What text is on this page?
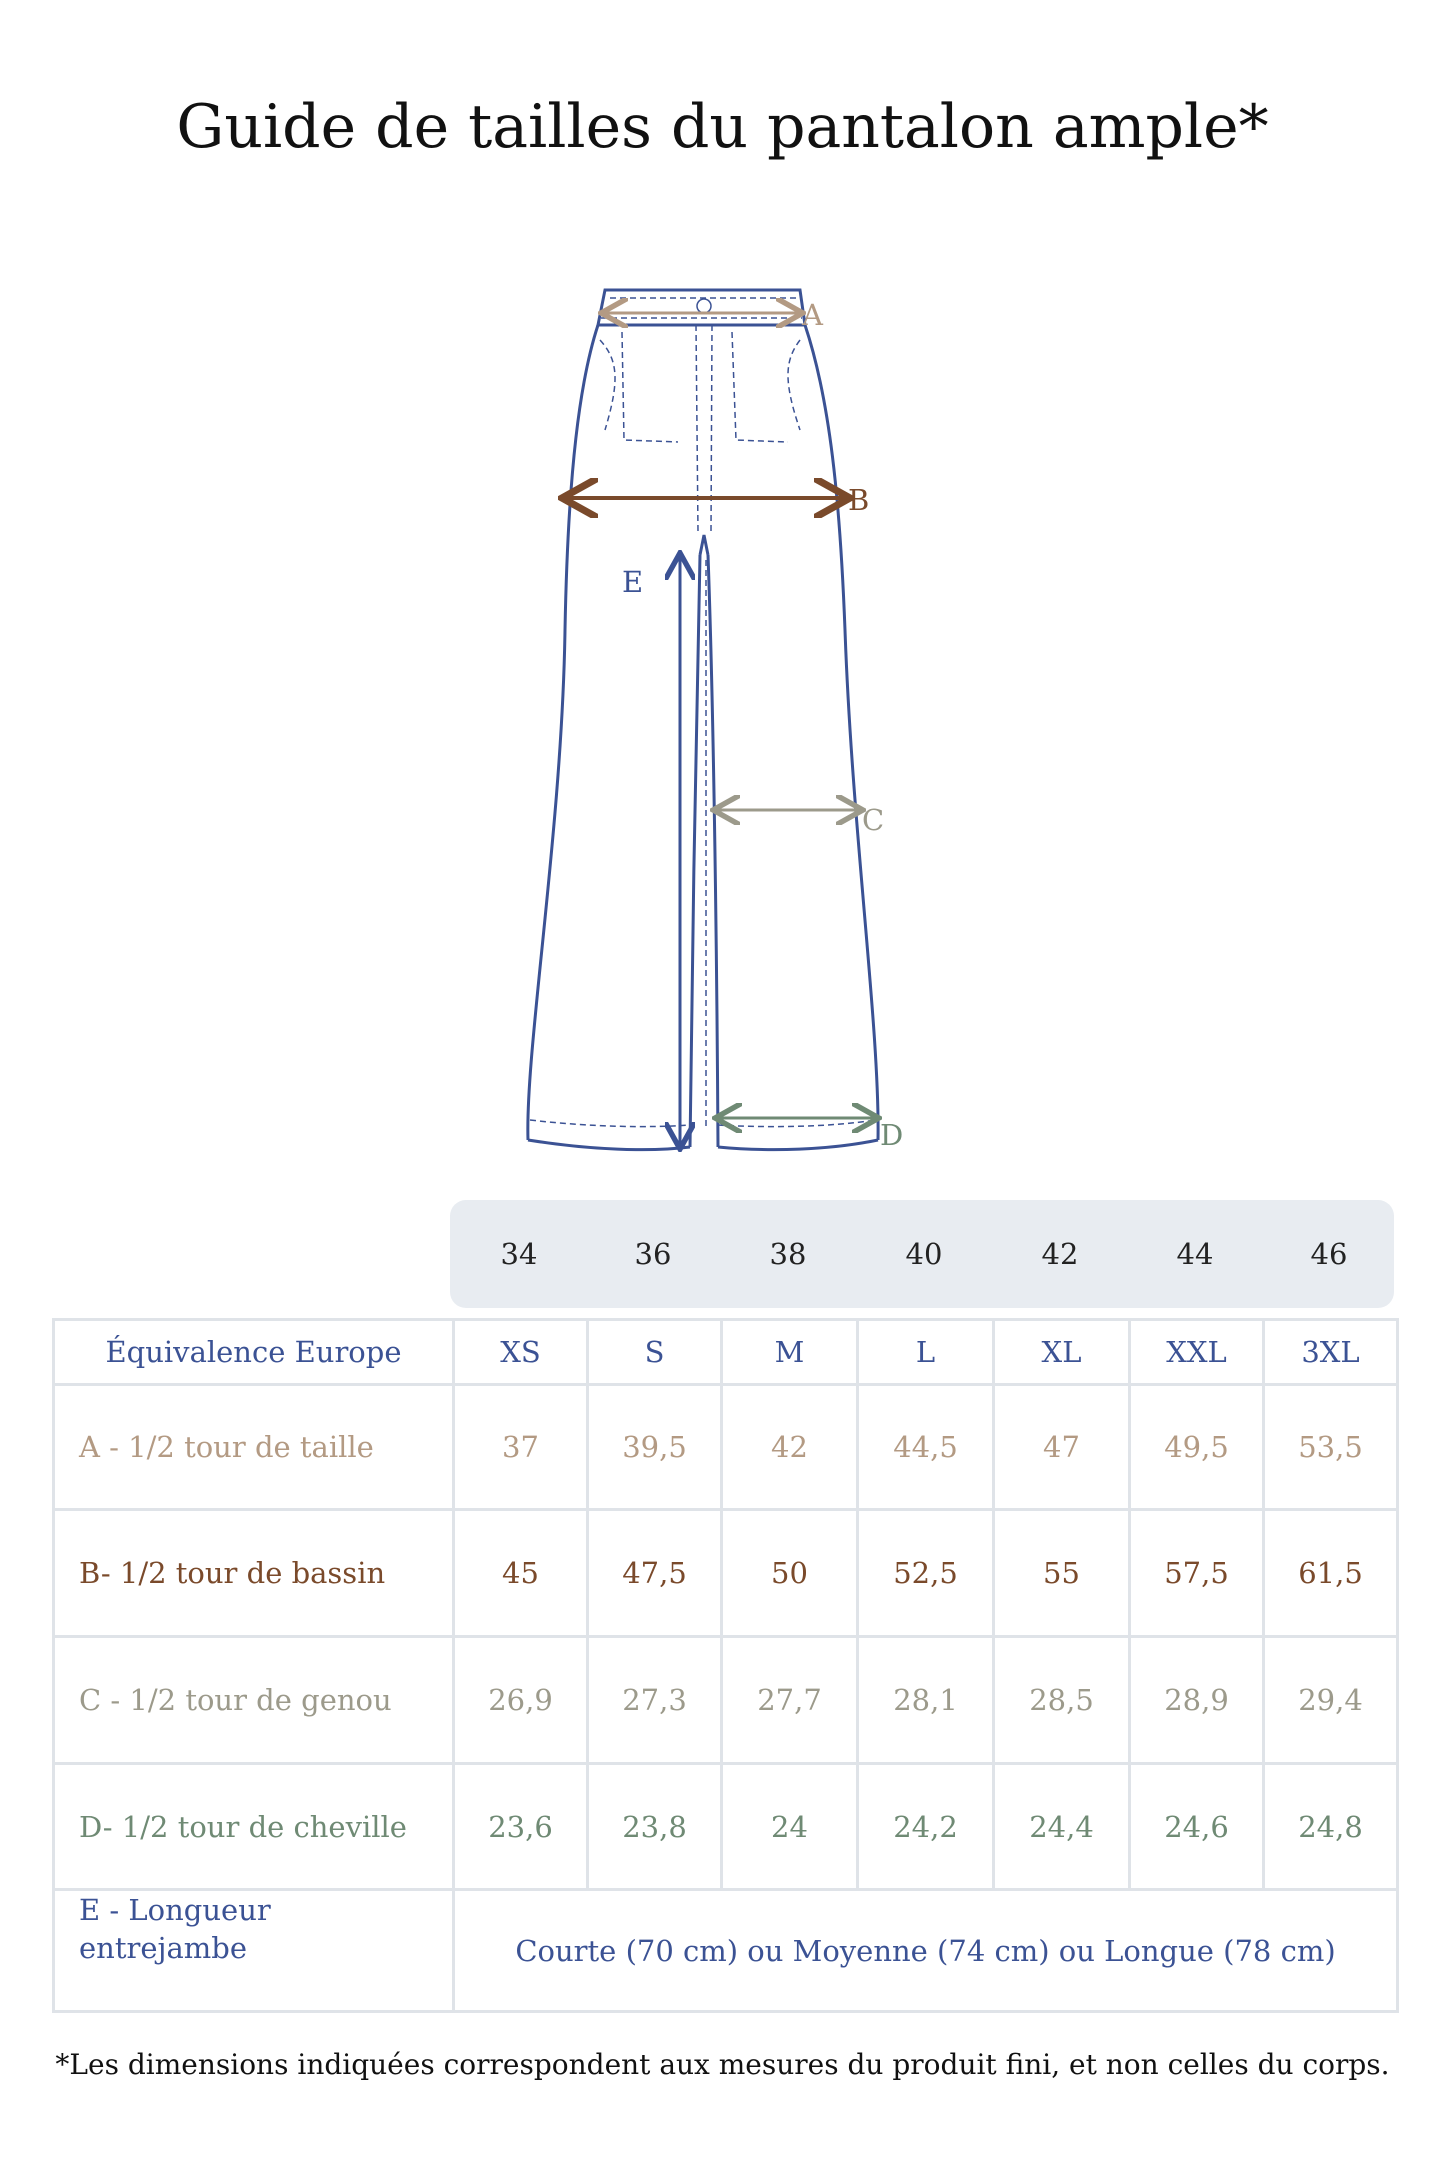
Guide de tailles du pantalon ample*
A
B
C
D
E
34	36	38	40	42	44	46
Équivalence Europe	XS	S	M	L	XL	XXL	3XL
A - 1/2 tour de taille	37	39,5	42	44,5	47	49,5	53,5
B- 1/2 tour de bassin	45	47,5	50	52,5	55	57,5	61,5
C - 1/2 tour de genou	26,9	27,3	27,7	28,1	28,5	28,9	29,4
D- 1/2 tour de cheville	23,6	23,8	24	24,2	24,4	24,6	24,8
E - Longueur
entrejambe	Courte (70 cm) ou Moyenne (74 cm) ou Longue (78 cm)
*Les dimensions indiquées correspondent aux mesures du produit fini, et non celles du corps.
